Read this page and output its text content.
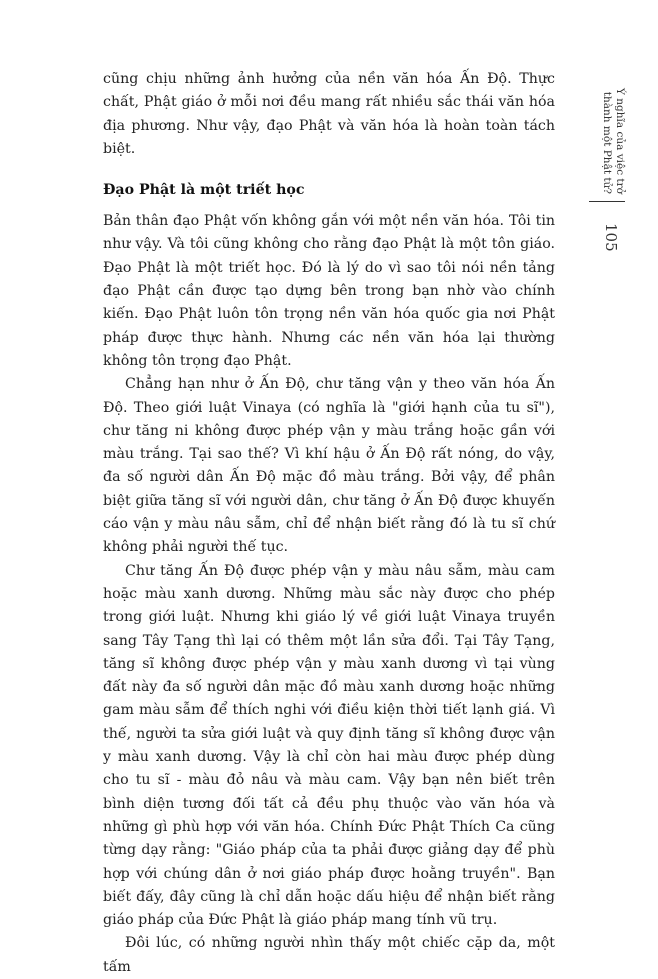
cũng chịu những ảnh hưởng của nền văn hóa Ấn Độ. Thực chất, Phật giáo ở mỗi nơi đều mang rất nhiều sắc thái văn hóa địa phương. Như vậy, đạo Phật và văn hóa là hoàn toàn tách biệt.

Đạo Phật là một triết học

Bản thân đạo Phật vốn không gắn với một nền văn hóa. Tôi tin như vậy. Và tôi cũng không cho rằng đạo Phật là một tôn giáo. Đạo Phật là một triết học. Đó là lý do vì sao tôi nói nền tảng đạo Phật cần được tạo dựng bên trong bạn nhờ vào chính kiến. Đạo Phật luôn tôn trọng nền văn hóa quốc gia nơi Phật pháp được thực hành. Nhưng các nền văn hóa lại thường không tôn trọng đạo Phật.

Chẳng hạn như ở Ấn Độ, chư tăng vận y theo văn hóa Ấn Độ. Theo giới luật Vinaya (có nghĩa là "giới hạnh của tu sĩ"), chư tăng ni không được phép vận y màu trắng hoặc gần với màu trắng. Tại sao thế? Vì khí hậu ở Ấn Độ rất nóng, do vậy, đa số người dân Ấn Độ mặc đồ màu trắng. Bởi vậy, để phân biệt giữa tăng sĩ với người dân, chư tăng ở Ấn Độ được khuyến cáo vận y màu nâu sẫm, chỉ để nhận biết rằng đó là tu sĩ chứ không phải người thế tục.

Chư tăng Ấn Độ được phép vận y màu nâu sẫm, màu cam hoặc màu xanh dương. Những màu sắc này được cho phép trong giới luật. Nhưng khi giáo lý về giới luật Vinaya truyền sang Tây Tạng thì lại có thêm một lần sửa đổi. Tại Tây Tạng, tăng sĩ không được phép vận y màu xanh dương vì tại vùng đất này đa số người dân mặc đồ màu xanh dương hoặc những gam màu sẫm để thích nghi với điều kiện thời tiết lạnh giá. Vì thế, người ta sửa giới luật và quy định tăng sĩ không được vận y màu xanh dương. Vậy là chỉ còn hai màu được phép dùng cho tu sĩ - màu đỏ nâu và màu cam. Vậy bạn nên biết trên bình diện tương đối tất cả đều phụ thuộc vào văn hóa và những gì phù hợp với văn hóa. Chính Đức Phật Thích Ca cũng từng dạy rằng: "Giáo pháp của ta phải được giảng dạy để phù hợp với chúng dân ở nơi giáo pháp được hoằng truyền". Bạn biết đấy, đây cũng là chỉ dẫn hoặc dấu hiệu để nhận biết rằng giáo pháp của Đức Phật là giáo pháp mang tính vũ trụ.

Đôi lúc, có những người nhìn thấy một chiếc cặp da, một tấm

Ý nghĩa của việc trở
thành một Phật tử?
105
